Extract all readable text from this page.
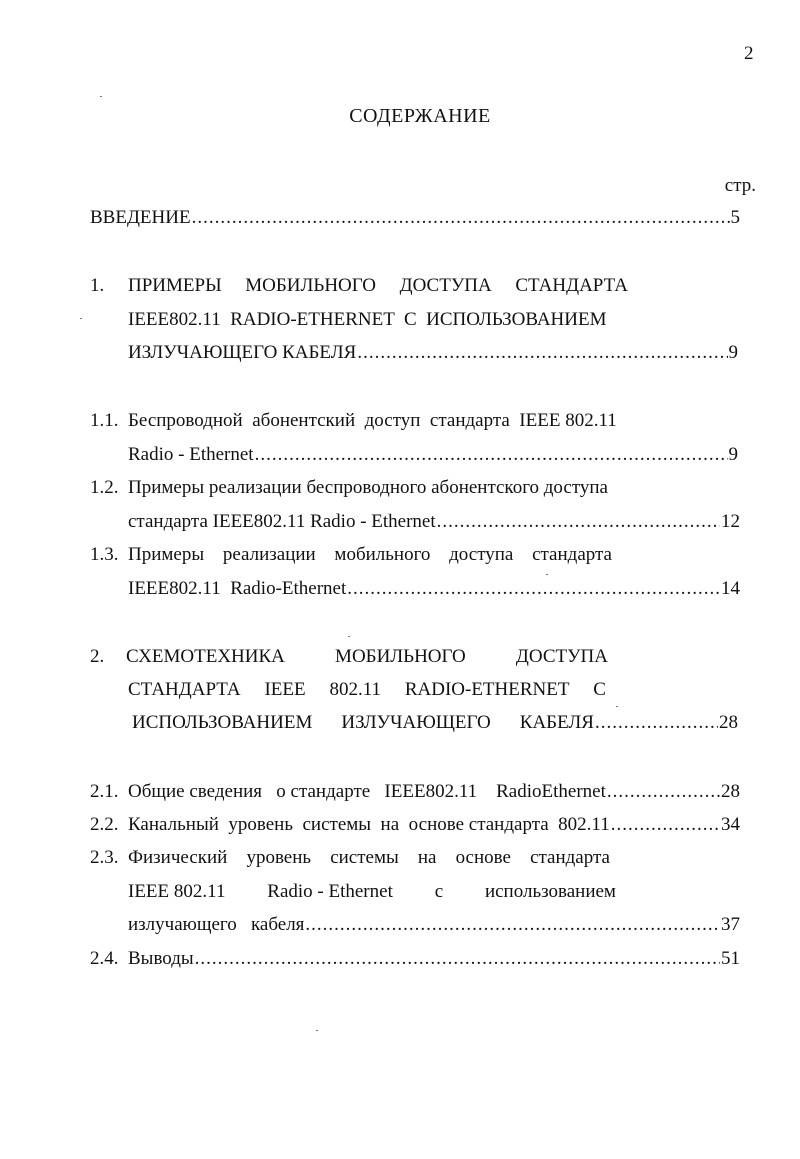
2
СОДЕРЖАНИЕ
стр.
ВВЕДЕНИЕ .....	5
1. ПРИМЕРЫ МОБИЛЬНОГО ДОСТУПА СТАНДАРТА
IEEE802.11  RADIO-ETHERNET  С  ИСПОЛЬЗОВАНИЕМ
ИЗЛУЧАЮЩЕГО КАБЕЛЯ .....	9
1.1. Беспроводной  абонентский  доступ  стандарта  IEEE 802.11
Radio - Ethernet .....	9
1.2. Примеры реализации беспроводного абонентского доступа
стандарта IEEE802.11 Radio - Ethernet .....	12
1.3. Примеры реализации мобильного доступа стандарта
IEEE802.11  Radio-Ethernet .....	14
2. СХЕМОТЕХНИКА	МОБИЛЬНОГО	ДОСТУПА
СТАНДАРТА IEEE 802.11 RADIO-ETHERNET С
ИСПОЛЬЗОВАНИЕМ ИЗЛУЧАЮЩЕГО КАБЕЛЯ .....	28
2.1. Общие сведения   о стандарте   IEEE802.11    RadioEthernet .....	28
2.2. Канальный  уровень  системы  на  основе стандарта  802.11 .....	34
2.3. Физический уровень системы на основе стандарта
IEEE 802.11 Radio - Ethernet с использованием
излучающего   кабеля .....	37
2.4. Выводы .....	51
